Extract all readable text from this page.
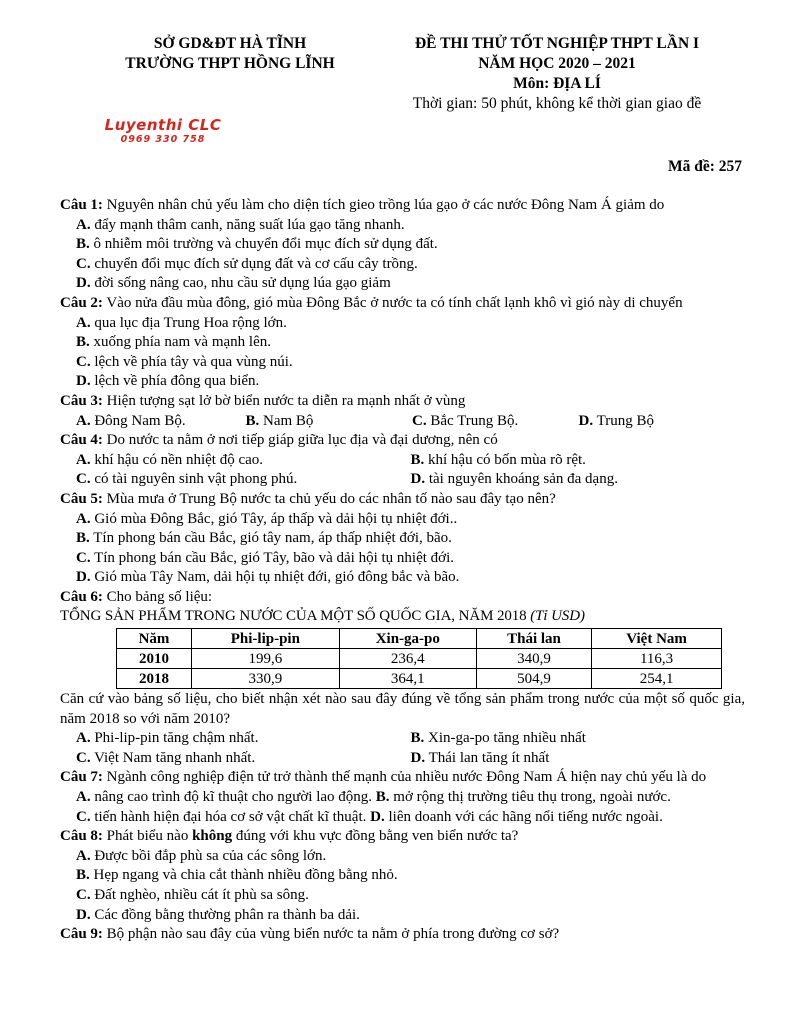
SỞ GD&ĐT HÀ TĨNH
TRƯỜNG THPT HỒNG LĨNH
ĐỀ THI THỬ TỐT NGHIỆP THPT LẦN I
NĂM HỌC 2020 – 2021
Môn: ĐỊA LÍ
Thời gian: 50 phút, không kể thời gian giao đề
Luyenthi CLC
0969 330 758
Mã đề: 257

Câu 1: Nguyên nhân chủ yếu làm cho diện tích gieo trồng lúa gạo ở các nước Đông Nam Á giảm do

A. đẩy mạnh thâm canh, năng suất lúa gạo tăng nhanh.

B. ô nhiễm môi trường và chuyển đổi mục đích sử dụng đất.

C. chuyển đổi mục đích sử dụng đất và cơ cấu cây trồng.

D. đời sống nâng cao, nhu cầu sử dụng lúa gạo giảm

Câu 2: Vào nửa đầu mùa đông, gió mùa Đông Bắc ở nước ta có tính chất lạnh khô vì gió này di chuyển

A. qua lục địa Trung Hoa rộng lớn.

B. xuống phía nam và mạnh lên.

C. lệch về phía tây và qua vùng núi.

D. lệch về phía đông qua biển.

Câu 3: Hiện tượng sạt lở bờ biển nước ta diễn ra mạnh nhất ở vùng

A. Đông Nam Bộ.	B. Nam Bộ	C. Bắc Trung Bộ.	D. Trung Bộ

Câu 4: Do nước ta nằm ở nơi tiếp giáp giữa lục địa và đại dương, nên có

A. khí hậu có nền nhiệt độ cao.	B. khí hậu có bốn mùa rõ rệt.
C. có tài nguyên sinh vật phong phú.	D. tài nguyên khoáng sản đa dạng.

Câu 5: Mùa mưa ở Trung Bộ nước ta chủ yếu do các nhân tố nào sau đây tạo nên?

A. Gió mùa Đông Bắc, gió Tây, áp thấp và dải hội tụ nhiệt đới..

B. Tín phong bán cầu Bắc, gió tây nam, áp thấp nhiệt đới, bão.

C. Tín phong bán cầu Bắc, gió Tây, bão và dải hội tụ nhiệt đới.

D. Gió mùa Tây Nam, dải hội tụ nhiệt đới, gió đông bắc và bão.

Câu 6: Cho bảng số liệu:

TỔNG SẢN PHẨM TRONG NƯỚC CỦA MỘT SỐ QUỐC GIA, NĂM 2018 (Tỉ USD)

Năm	Phi-lip-pin	Xin-ga-po	Thái lan	Việt Nam
2010	199,6	236,4	340,9	116,3
2018	330,9	364,1	504,9	254,1

Căn cứ vào bảng số liệu, cho biết nhận xét nào sau đây đúng về tổng sản phẩm trong nước của một số quốc gia, năm 2018 so với năm 2010?

A. Phi-lip-pin tăng chậm nhất.	B. Xin-ga-po tăng nhiều nhất
C. Việt Nam tăng nhanh nhất.	D. Thái lan tăng ít nhất

Câu 7: Ngành công nghiệp điện tử trở thành thế mạnh của nhiều nước Đông Nam Á hiện nay chủ yếu là do

A. nâng cao trình độ kĩ thuật cho người lao động. B. mở rộng thị trường tiêu thụ trong, ngoài nước.

C. tiến hành hiện đại hóa cơ sở vật chất kĩ thuật. D. liên doanh với các hãng nổi tiếng nước ngoài.

Câu 8: Phát biểu nào không đúng với khu vực đồng bằng ven biển nước ta?

A. Được bồi đắp phù sa của các sông lớn.

B. Hẹp ngang và chia cắt thành nhiều đồng bằng nhỏ.

C. Đất nghèo, nhiều cát ít phù sa sông.

D. Các đồng bằng thường phân ra thành ba dải.

Câu 9: Bộ phận nào sau đây của vùng biển nước ta nằm ở phía trong đường cơ sở?
